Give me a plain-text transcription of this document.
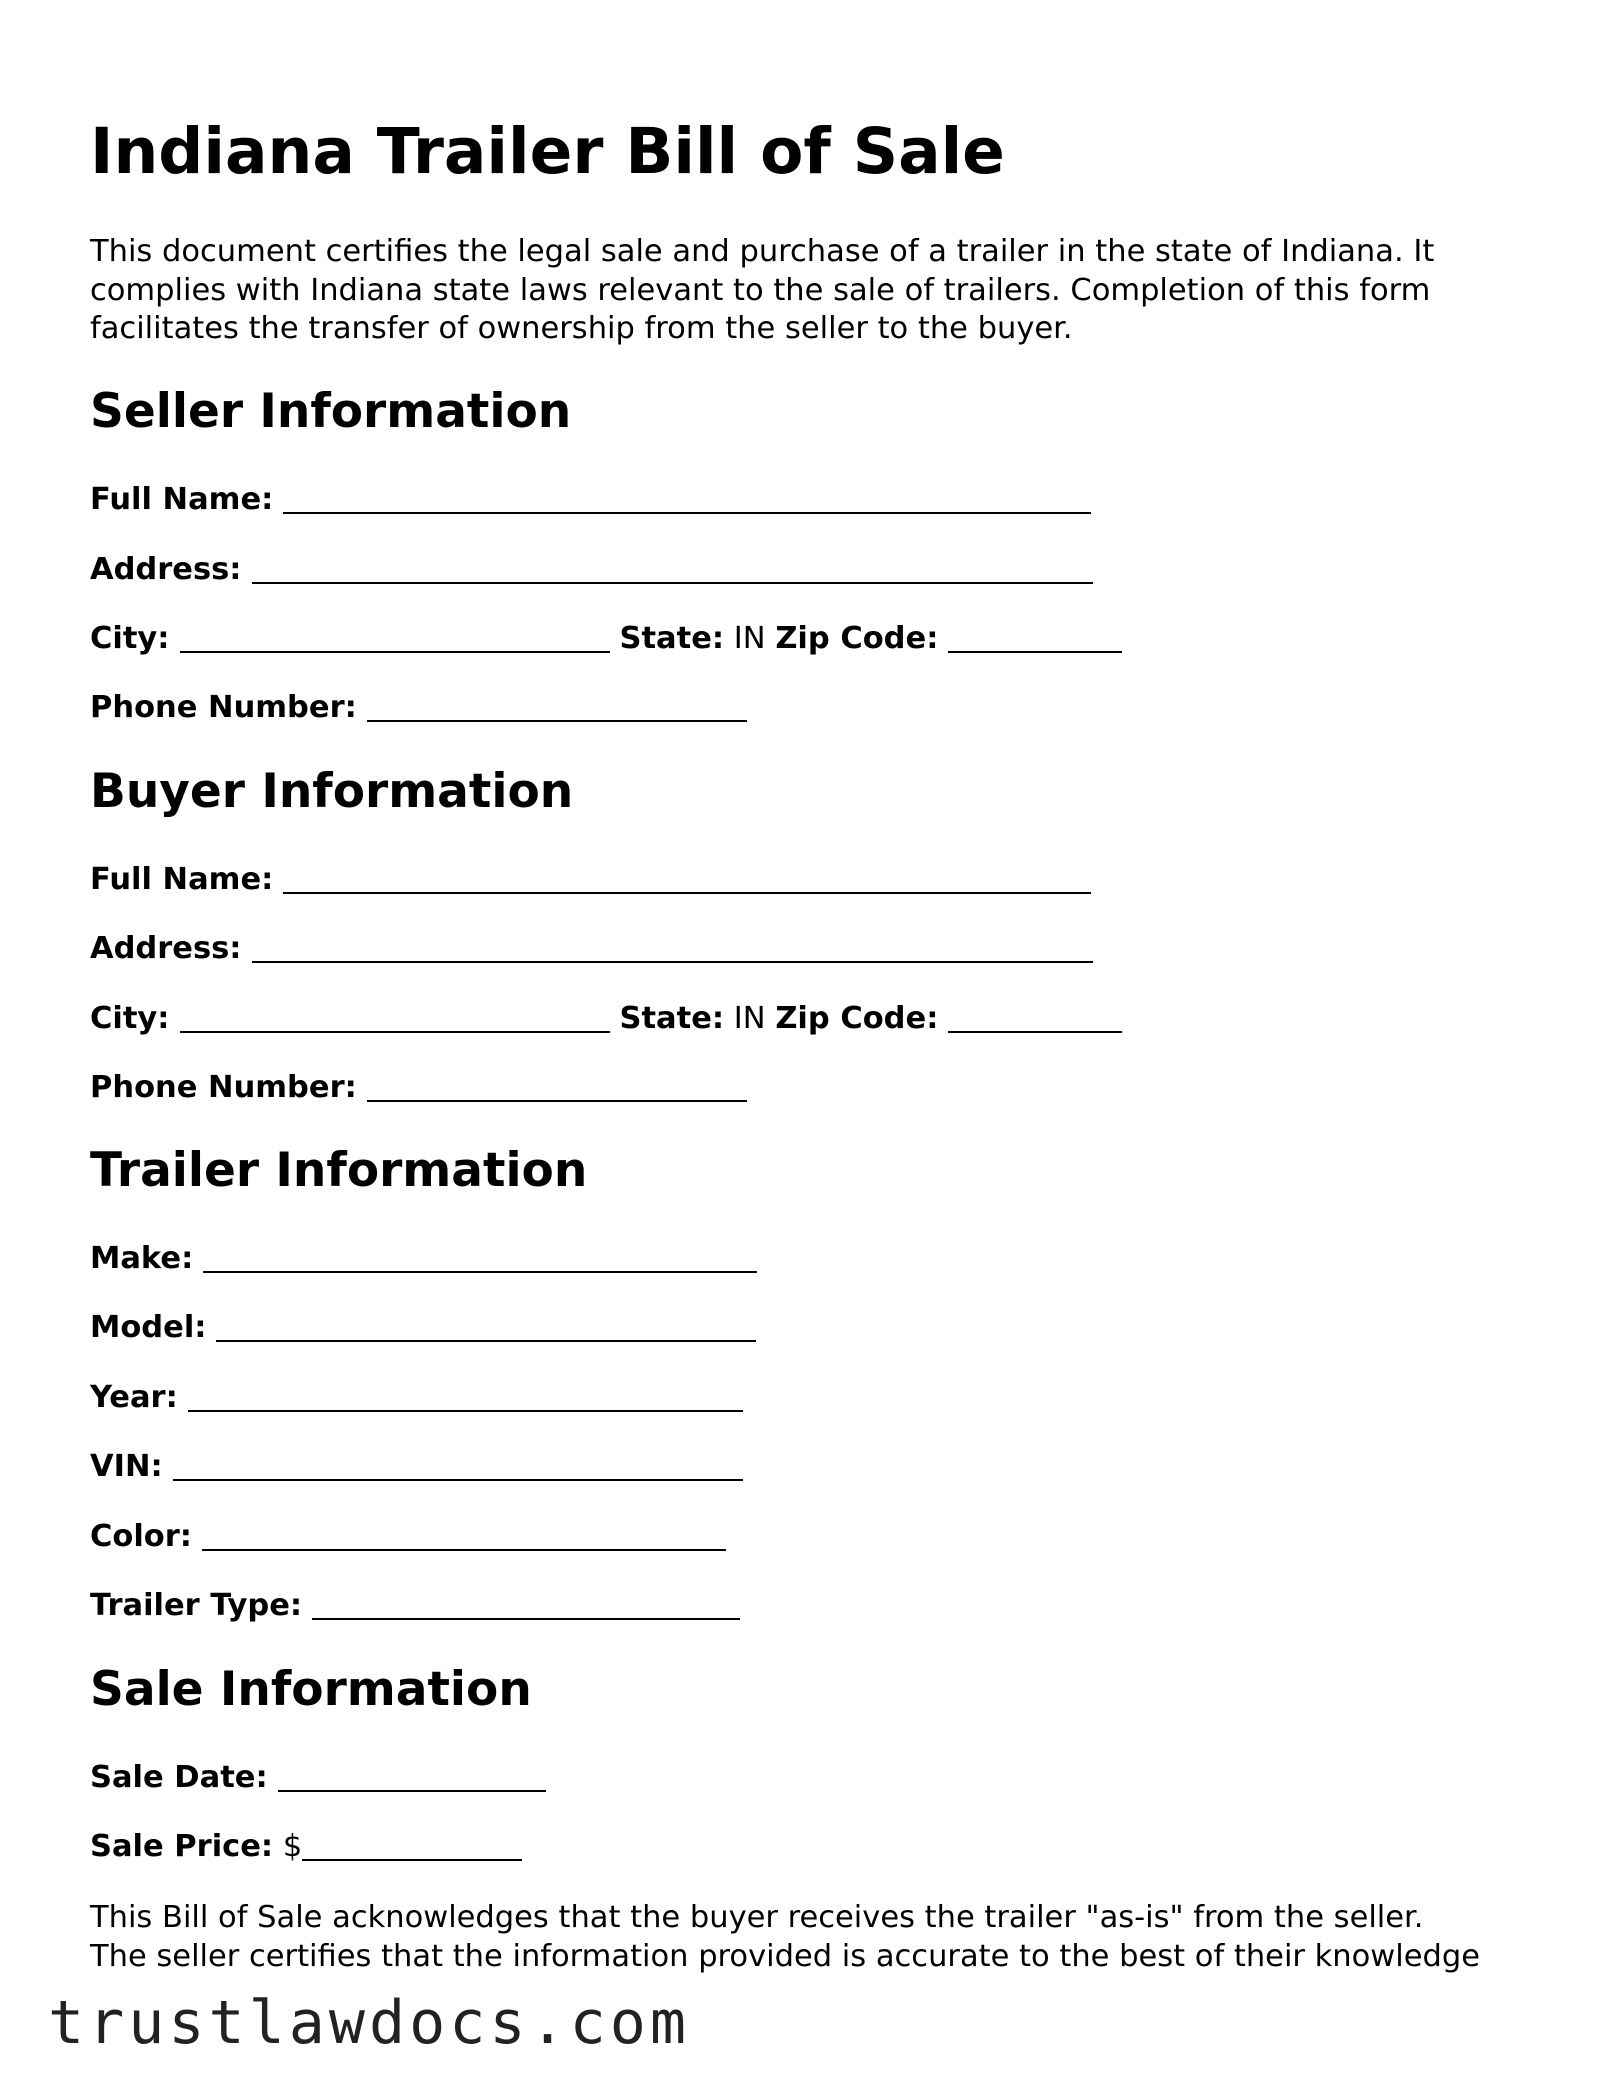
Indiana Trailer Bill of Sale

This document certifies the legal sale and purchase of a trailer in the state of Indiana. It
complies with Indiana state laws relevant to the sale of trailers. Completion of this form
facilitates the transfer of ownership from the seller to the buyer.

Seller Information
Full Name:
Address:
City:	State: IN Zip Code:
Phone Number:
Buyer Information
Full Name:
Address:
City:	State: IN Zip Code:
Phone Number:
Trailer Information
Make:
Model:
Year:
VIN:
Color:
Trailer Type:
Sale Information
Sale Date:
Sale Price: $

This Bill of Sale acknowledges that the buyer receives the trailer "as-is" from the seller.
The seller certifies that the information provided is accurate to the best of their knowledge

trustlawdocs.com
